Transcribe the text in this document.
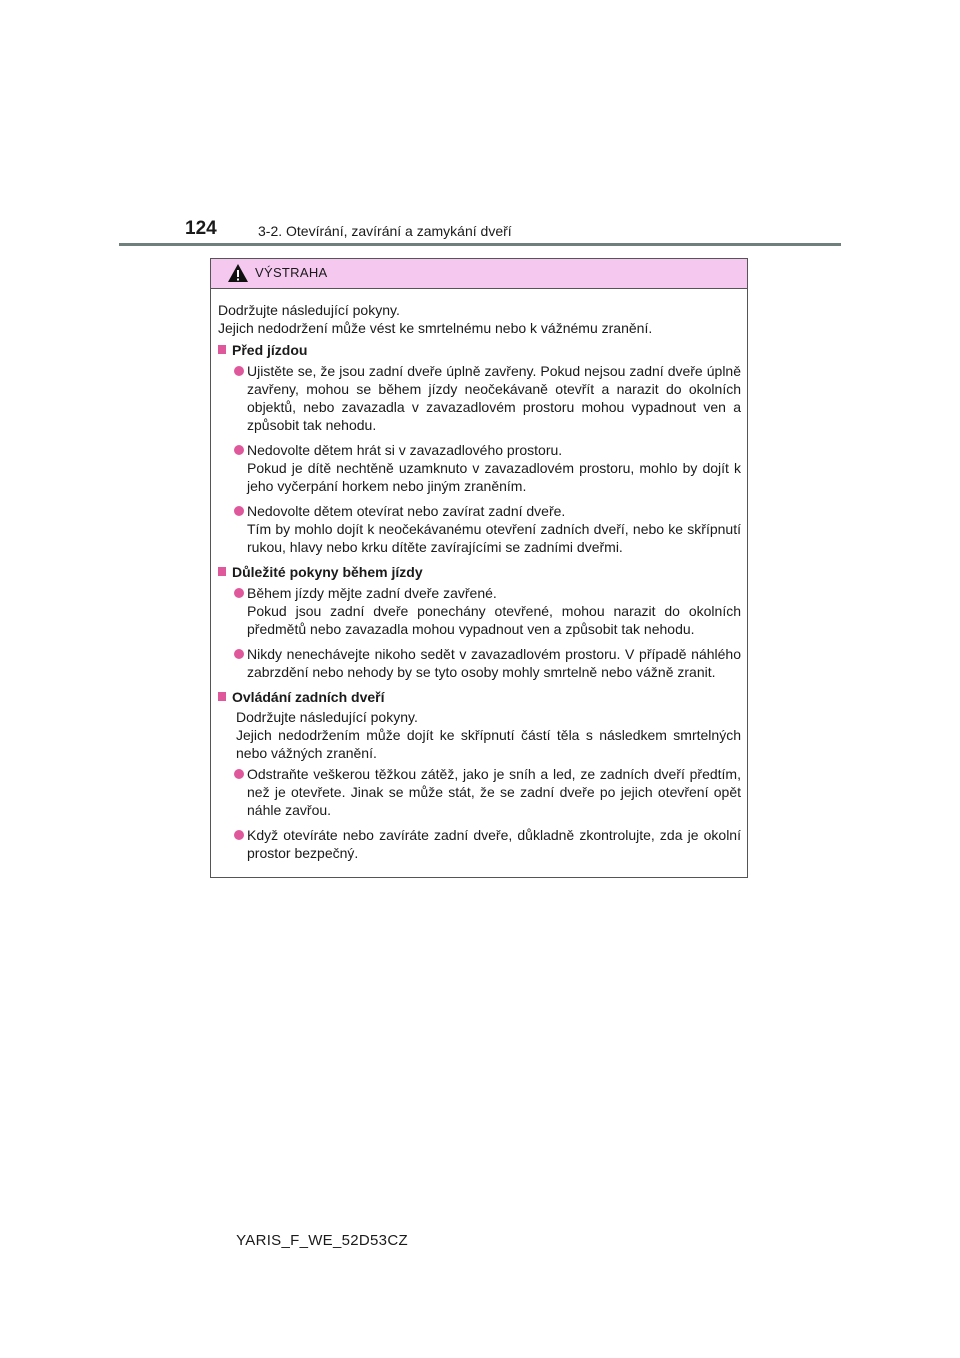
124	3-2. Otevírání, zavírání a zamykání dveří
VÝSTRAHA

Dodržujte následující pokyny.

Jejich nedodržení může vést ke smrtelnému nebo k vážnému zranění.

Před jízdou

Ujistěte se, že jsou zadní dveře úplně zavřeny. Pokud nejsou zadní dveře úplně zavřeny, mohou se během jízdy neočekávaně otevřít a narazit do okolních objektů, nebo zavazadla v zavazadlovém prostoru mohou vypadnout ven a způsobit tak nehodu.

Nedovolte dětem hrát si v zavazadlového prostoru.

Pokud je dítě nechtěně uzamknuto v zavazadlovém prostoru, mohlo by dojít k jeho vyčerpání horkem nebo jiným zraněním.

Nedovolte dětem otevírat nebo zavírat zadní dveře.

Tím by mohlo dojít k neočekávanému otevření zadních dveří, nebo ke skřípnutí rukou, hlavy nebo krku dítěte zavírajícími se zadními dveřmi.

Důležité pokyny během jízdy

Během jízdy mějte zadní dveře zavřené.

Pokud jsou zadní dveře ponechány otevřené, mohou narazit do okolních předmětů nebo zavazadla mohou vypadnout ven a způsobit tak nehodu.

Nikdy nenechávejte nikoho sedět v zavazadlovém prostoru. V případě náhlého zabrzdění nebo nehody by se tyto osoby mohly smrtelně nebo vážně zranit.

Ovládání zadních dveří

Dodržujte následující pokyny.

Jejich nedodržením může dojít ke skřípnutí částí těla s následkem smrtelných nebo vážných zranění.

Odstraňte veškerou těžkou zátěž, jako je sníh a led, ze zadních dveří předtím, než je otevřete. Jinak se může stát, že se zadní dveře po jejich otevření opět náhle zavřou.

Když otevíráte nebo zavíráte zadní dveře, důkladně zkontrolujte, zda je okolní prostor bezpečný.

YARIS_F_WE_52D53CZ
